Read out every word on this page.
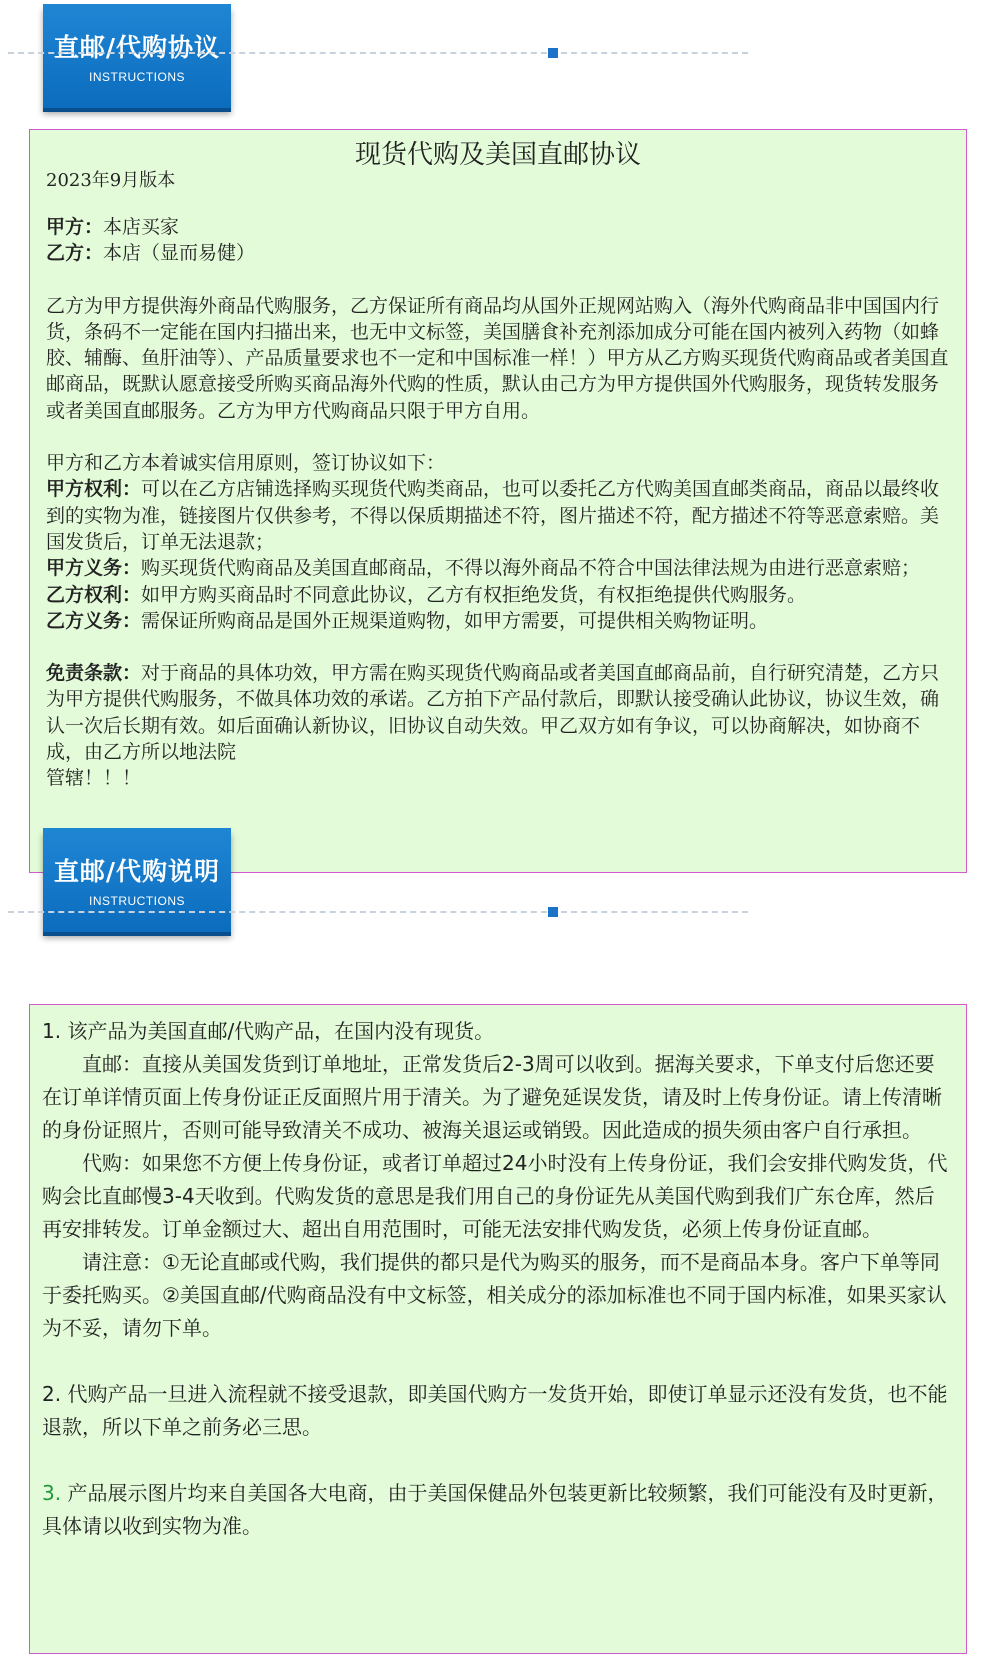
直邮/代购协议
INSTRUCTIONS
现货代购及美国直邮协议
2023年9月版本

甲方：本店买家

乙方：本店（显而易健）

乙方为甲方提供海外商品代购服务，乙方保证所有商品均从国外正规网站购入（海外代购商品非中国国内行货，条码不一定能在国内扫描出来，也无中文标签，美国膳食补充剂添加成分可能在国内被列入药物（如蜂胶、辅酶、鱼肝油等）、产品质量要求也不一定和中国标准一样！）甲方从乙方购买现货代购商品或者美国直邮商品，既默认愿意接受所购买商品海外代购的性质，默认由己方为甲方提供国外代购服务，现货转发服务或者美国直邮服务。乙方为甲方代购商品只限于甲方自用。

甲方和乙方本着诚实信用原则，签订协议如下：

甲方权利：可以在乙方店铺选择购买现货代购类商品，也可以委托乙方代购美国直邮类商品，商品以最终收到的实物为准，链接图片仅供参考，不得以保质期描述不符，图片描述不符，配方描述不符等恶意索赔。美国发货后，订单无法退款；

甲方义务：购买现货代购商品及美国直邮商品，不得以海外商品不符合中国法律法规为由进行恶意索赔；

乙方权利：如甲方购买商品时不同意此协议，乙方有权拒绝发货，有权拒绝提供代购服务。

乙方义务：需保证所购商品是国外正规渠道购物，如甲方需要，可提供相关购物证明。

免责条款：对于商品的具体功效，甲方需在购买现货代购商品或者美国直邮商品前，自行研究清楚，乙方只为甲方提供代购服务，不做具体功效的承诺。乙方拍下产品付款后，即默认接受确认此协议，协议生效，确认一次后长期有效。如后面确认新协议，旧协议自动失效。甲乙双方如有争议，可以协商解决，如协商不成，由乙方所以地法院

管辖！！！

直邮/代购说明
INSTRUCTIONS

1. 该产品为美国直邮/代购产品，在国内没有现货。

直邮：直接从美国发货到订单地址，正常发货后2-3周可以收到。据海关要求，下单支付后您还要在订单详情页面上传身份证正反面照片用于清关。为了避免延误发货，请及时上传身份证。请上传清晰的身份证照片，否则可能导致清关不成功、被海关退运或销毁。因此造成的损失须由客户自行承担。

代购：如果您不方便上传身份证，或者订单超过24小时没有上传身份证，我们会安排代购发货，代购会比直邮慢3-4天收到。代购发货的意思是我们用自己的身份证先从美国代购到我们广东仓库，然后再安排转发。订单金额过大、超出自用范围时，可能无法安排代购发货，必须上传身份证直邮。

请注意：①无论直邮或代购，我们提供的都只是代为购买的服务，而不是商品本身。客户下单等同于委托购买。②美国直邮/代购商品没有中文标签，相关成分的添加标准也不同于国内标准，如果买家认为不妥，请勿下单。

2. 代购产品一旦进入流程就不接受退款，即美国代购方一发货开始，即使订单显示还没有发货，也不能退款，所以下单之前务必三思。

3. 产品展示图片均来自美国各大电商，由于美国保健品外包装更新比较频繁，我们可能没有及时更新，具体请以收到实物为准。
